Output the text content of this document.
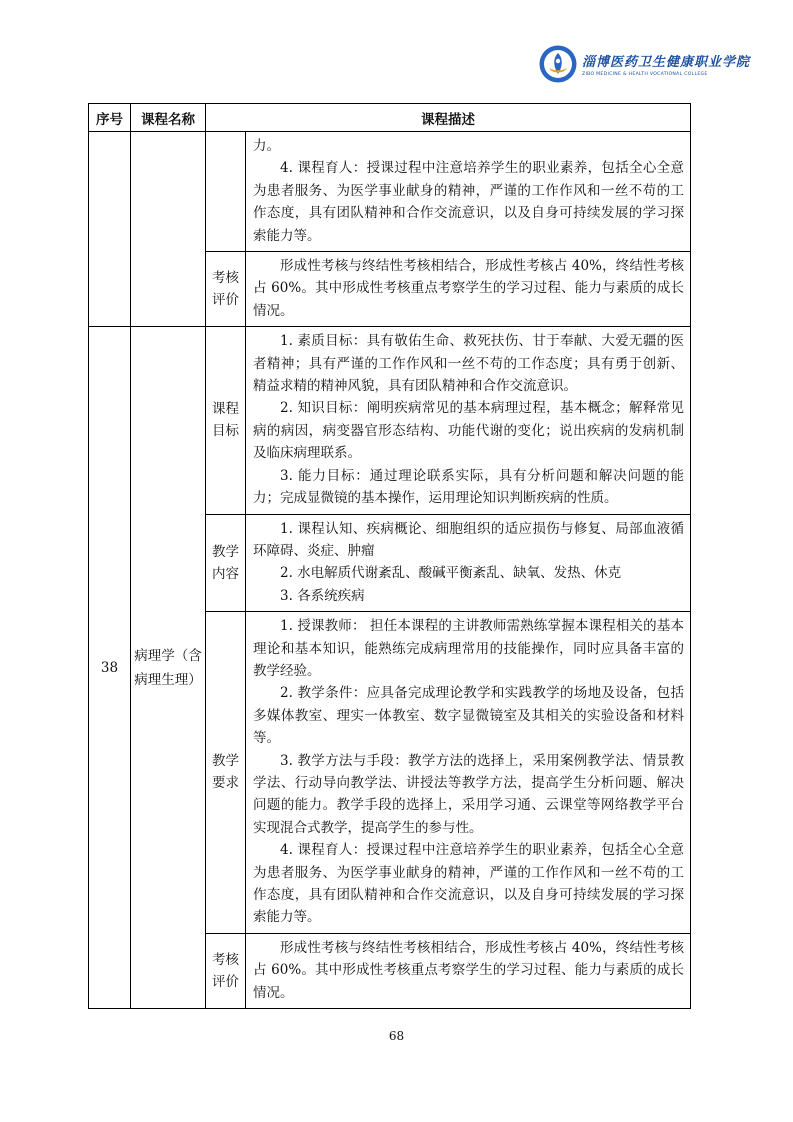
淄博医药卫生健康职业学院
ZIBO MEDICINE & HEALTH VOCATIONAL COLLEGE
序号	课程名称	课程描述	

			力。

4. 课程育人：授课过程中注意培养学生的职业素养，包括全心全意为患者服务、为医学事业献身的精神，严谨的工作作风和一丝不苟的工作态度，具有团队精神和合作交流意识，以及自身可持续发展的学习探索能力等。

		考核评价	形成性考核与终结性考核相结合，形成性考核占 40%，终结性考核占 60%。其中形成性考核重点考察学生的学习过程、能力与素质的成长情况。

38	病理学（含病理生理）	课程目标	1. 素质目标：具有敬佑生命、救死扶伤、甘于奉献、大爱无疆的医者精神；具有严谨的工作作风和一丝不苟的工作态度；具有勇于创新、精益求精的精神风貌，具有团队精神和合作交流意识。

2. 知识目标：阐明疾病常见的基本病理过程，基本概念；解释常见病的病因，病变器官形态结构、功能代谢的变化；说出疾病的发病机制及临床病理联系。

3. 能力目标：通过理论联系实际，具有分析问题和解决问题的能力；完成显微镜的基本操作，运用理论知识判断疾病的性质。

		教学内容	1. 课程认知、疾病概论、细胞组织的适应损伤与修复、局部血液循环障碍、炎症、肿瘤

2. 水电解质代谢紊乱、酸碱平衡紊乱、缺氧、发热、休克

3. 各系统疾病

		教学要求	1. 授课教师： 担任本课程的主讲教师需熟练掌握本课程相关的基本理论和基本知识，能熟练完成病理常用的技能操作，同时应具备丰富的教学经验。

2. 教学条件：应具备完成理论教学和实践教学的场地及设备，包括多媒体教室、理实一体教室、数字显微镜室及其相关的实验设备和材料等。

3. 教学方法与手段：教学方法的选择上，采用案例教学法、情景教学法、行动导向教学法、讲授法等教学方法，提高学生分析问题、解决问题的能力。教学手段的选择上，采用学习通、云课堂等网络教学平台实现混合式教学，提高学生的参与性。

4. 课程育人：授课过程中注意培养学生的职业素养，包括全心全意为患者服务、为医学事业献身的精神，严谨的工作作风和一丝不苟的工作态度，具有团队精神和合作交流意识，以及自身可持续发展的学习探索能力等。

		考核评价	形成性考核与终结性考核相结合，形成性考核占 40%，终结性考核占 60%。其中形成性考核重点考察学生的学习过程、能力与素质的成长情况。

68
